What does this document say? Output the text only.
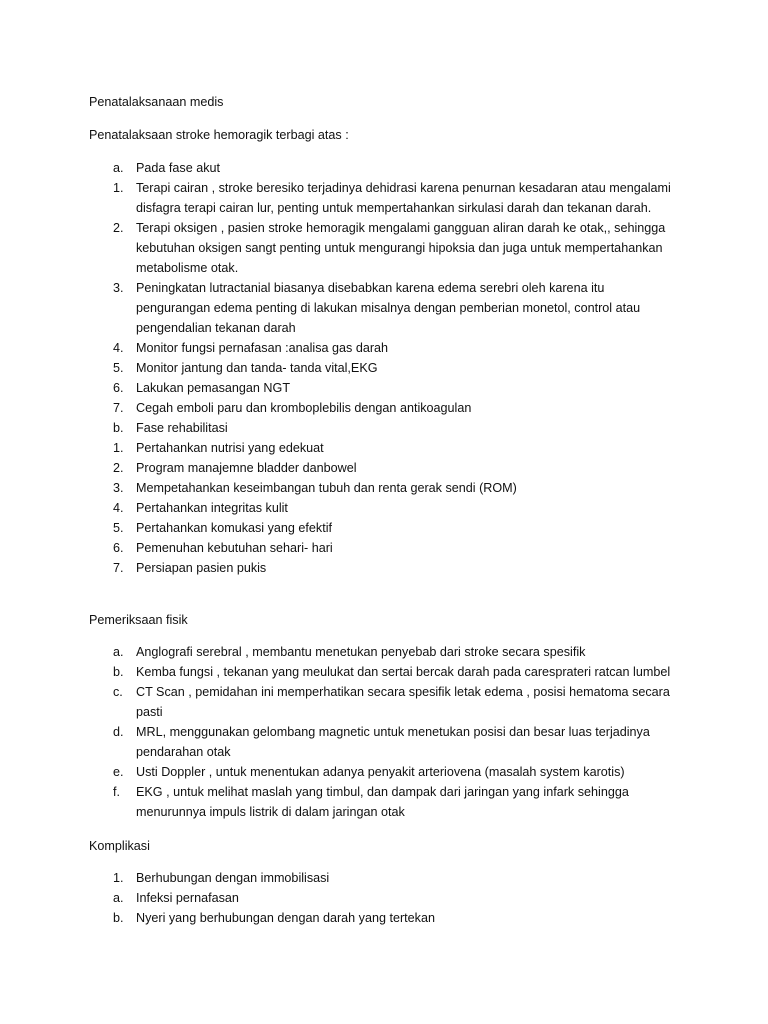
Penatalaksanaan medis

Penatalaksaan stroke hemoragik terbagi atas :

a. Pada fase akut
1. Terapi cairan , stroke beresiko terjadinya dehidrasi karena penurnan kesadaran atau mengalami
disfagra terapi cairan lur, penting untuk mempertahankan sirkulasi darah dan tekanan darah.
2. Terapi oksigen , pasien stroke hemoragik mengalami gangguan aliran darah ke otak,, sehingga
kebutuhan oksigen sangt penting untuk mengurangi hipoksia dan juga untuk mempertahankan
metabolisme otak.
3. Peningkatan lutractanial biasanya disebabkan karena edema serebri oleh karena itu
pengurangan edema penting di lakukan misalnya dengan pemberian monetol, control atau
pengendalian tekanan darah
4. Monitor fungsi pernafasan :analisa gas darah
5. Monitor jantung dan tanda- tanda vital,EKG
6. Lakukan pemasangan NGT
7. Cegah emboli paru dan kromboplebilis dengan antikoagulan
b. Fase rehabilitasi
1. Pertahankan nutrisi yang edekuat
2. Program manajemne bladder danbowel
3. Mempetahankan keseimbangan tubuh dan renta gerak sendi (ROM)
4. Pertahankan integritas kulit
5. Pertahankan komukasi yang efektif
6. Pemenuhan kebutuhan sehari- hari
7. Persiapan pasien pukis

Pemeriksaan fisik

a. Anglografi serebral , membantu menetukan penyebab dari stroke secara spesifik
b. Kemba fungsi , tekanan yang meulukat dan sertai bercak darah pada caresprateri ratcan lumbel
c. CT Scan , pemidahan ini memperhatikan secara spesifik letak edema , posisi hematoma secara
pasti
d. MRL, menggunakan gelombang magnetic untuk menetukan posisi dan besar luas terjadinya
pendarahan otak
e. Usti Doppler , untuk menentukan adanya penyakit arteriovena (masalah system karotis)
f. EKG , untuk melihat maslah yang timbul, dan dampak dari jaringan yang infark sehingga
menurunnya impuls listrik di dalam jaringan otak

Komplikasi

1. Berhubungan dengan immobilisasi
a. Infeksi pernafasan
b. Nyeri yang berhubungan dengan darah yang tertekan
